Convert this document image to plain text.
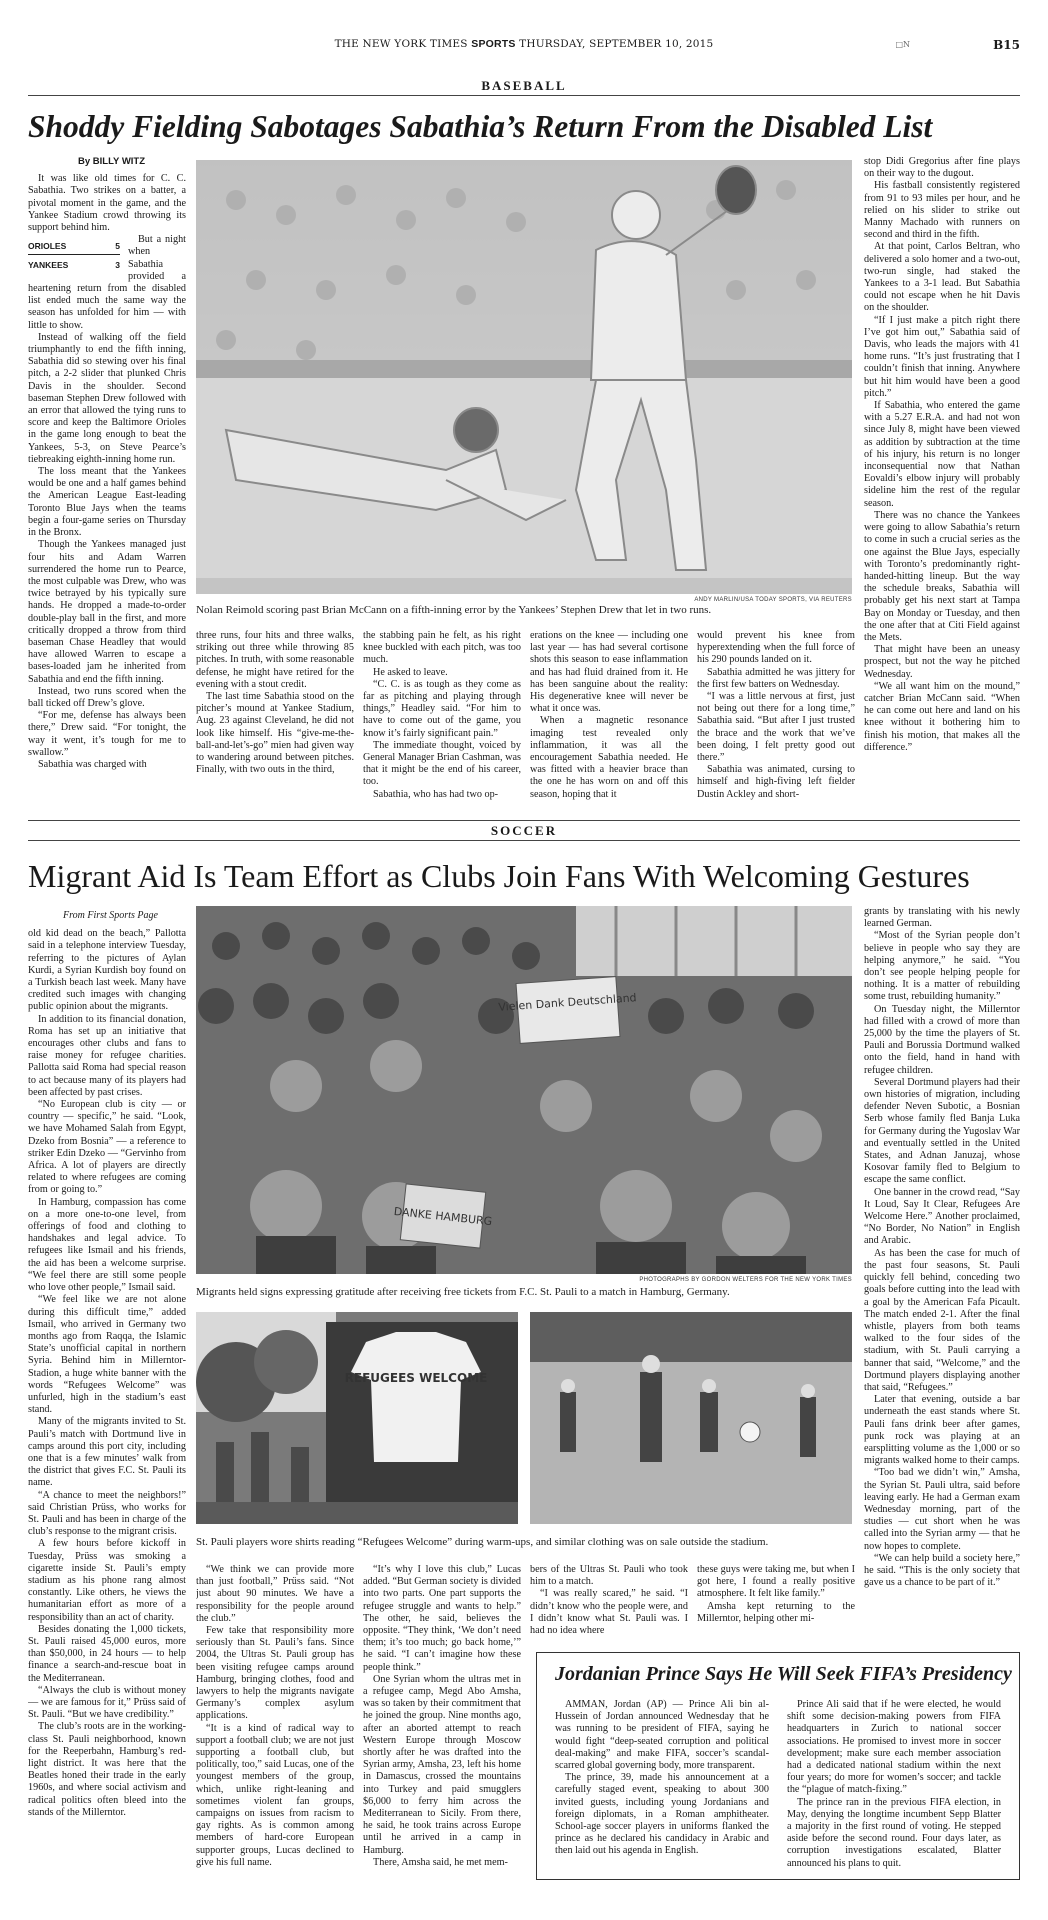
THE NEW YORK TIMES SPORTS THURSDAY, SEPTEMBER 10, 2015	□N	B15
BASEBALL
Shoddy Fielding Sabotages Sabathia’s Return From the Disabled List

By BILLY WITZ

It was like old times for C. C. Sabathia. Two strikes on a batter, a pivotal moment in the game, and the Yankee Stadium crowd throwing its support behind him.

ORIOLES	5
YANKEES	3

But a night when Sabathia provided a heartening return from the disabled list ended much the same way the season has unfolded for him — with little to show.

Instead of walking off the field triumphantly to end the fifth inning, Sabathia did so stewing over his final pitch, a 2-2 slider that plunked Chris Davis in the shoulder. Second baseman Stephen Drew followed with an error that allowed the tying runs to score and keep the Baltimore Orioles in the game long enough to beat the Yankees, 5-3, on Steve Pearce’s tiebreaking eighth-inning home run.

The loss meant that the Yankees would be one and a half games behind the American League East-leading Toronto Blue Jays when the teams begin a four-game series on Thursday in the Bronx.

Though the Yankees managed just four hits and Adam Warren surrendered the home run to Pearce, the most culpable was Drew, who was twice betrayed by his typically sure hands. He dropped a made-to-order double-play ball in the first, and more critically dropped a throw from third baseman Chase Headley that would have allowed Warren to escape a bases-loaded jam he inherited from Sabathia and end the fifth inning.

Instead, two runs scored when the ball ticked off Drew’s glove.

“For me, defense has always been there,” Drew said. “For tonight, the way it went, it’s tough for me to swallow.”

Sabathia was charged with

ANDY MARLIN/USA TODAY SPORTS, VIA REUTERS
Nolan Reimold scoring past Brian McCann on a fifth-inning error by the Yankees’ Stephen Drew that let in two runs.

three runs, four hits and three walks, striking out three while throwing 85 pitches. In truth, with some reasonable defense, he might have retired for the evening with a stout credit.

The last time Sabathia stood on the pitcher’s mound at Yankee Stadium, Aug. 23 against Cleveland, he did not look like himself. His “give-me-the-ball-and-let’s-go” mien had given way to wandering around between pitches. Finally, with two outs in the third,

the stabbing pain he felt, as his right knee buckled with each pitch, was too much.

He asked to leave.

“C. C. is as tough as they come as far as pitching and playing through things,” Headley said. “For him to have to come out of the game, you know it’s fairly significant pain.”

The immediate thought, voiced by General Manager Brian Cashman, was that it might be the end of his career, too.

Sabathia, who has had two op-

erations on the knee — including one last year — has had several cortisone shots this season to ease inflammation and has had fluid drained from it. He has been sanguine about the reality: His degenerative knee will never be what it once was.

When a magnetic resonance imaging test revealed only inflammation, it was all the encouragement Sabathia needed. He was fitted with a heavier brace than the one he has worn on and off this season, hoping that it

would prevent his knee from hyperextending when the full force of his 290 pounds landed on it.

Sabathia admitted he was jittery for the first few batters on Wednesday.

“I was a little nervous at first, just not being out there for a long time,” Sabathia said. “But after I just trusted the brace and the work that we’ve been doing, I felt pretty good out there.”

Sabathia was animated, cursing to himself and high-fiving left fielder Dustin Ackley and short-

stop Didi Gregorius after fine plays on their way to the dugout.

His fastball consistently registered from 91 to 93 miles per hour, and he relied on his slider to strike out Manny Machado with runners on second and third in the fifth.

At that point, Carlos Beltran, who delivered a solo homer and a two-out, two-run single, had staked the Yankees to a 3-1 lead. But Sabathia could not escape when he hit Davis on the shoulder.

“If I just make a pitch right there I’ve got him out,” Sabathia said of Davis, who leads the majors with 41 home runs. “It’s just frustrating that I couldn’t finish that inning. Anywhere but hit him would have been a good pitch.”

If Sabathia, who entered the game with a 5.27 E.R.A. and had not won since July 8, might have been viewed as addition by subtraction at the time of his injury, his return is no longer inconsequential now that Nathan Eovaldi’s elbow injury will probably sideline him the rest of the regular season.

There was no chance the Yankees were going to allow Sabathia’s return to come in such a crucial series as the one against the Blue Jays, especially with Toronto’s predominantly right-handed-hitting lineup. But the way the schedule breaks, Sabathia will probably get his next start at Tampa Bay on Monday or Tuesday, and then the one after that at Citi Field against the Mets.

That might have been an uneasy prospect, but not the way he pitched Wednesday.

“We all want him on the mound,” catcher Brian McCann said. “When he can come out here and land on his knee without it bothering him to finish his motion, that makes all the difference.”

SOCCER
Migrant Aid Is Team Effort as Clubs Join Fans With Welcoming Gestures

From First Sports Page

old kid dead on the beach,” Pallotta said in a telephone interview Tuesday, referring to the pictures of Aylan Kurdi, a Syrian Kurdish boy found on a Turkish beach last week. Many have credited such images with changing public opinion about the migrants.

In addition to its financial donation, Roma has set up an initiative that encourages other clubs and fans to raise money for refugee charities. Pallotta said Roma had special reason to act because many of its players had been affected by past crises.

“No European club is city — or country — specific,” he said. “Look, we have Mohamed Salah from Egypt, Dzeko from Bosnia” — a reference to striker Edin Dzeko — “Gervinho from Africa. A lot of players are directly related to where refugees are coming from or going to.”

In Hamburg, compassion has come on a more one-to-one level, from offerings of food and clothing to handshakes and legal advice. To refugees like Ismail and his friends, the aid has been a welcome surprise. “We feel there are still some people who love other people,” Ismail said.

“We feel like we are not alone during this difficult time,” added Ismail, who arrived in Germany two months ago from Raqqa, the Islamic State’s unofficial capital in northern Syria. Behind him in Millerntor-Stadion, a huge white banner with the words “Refugees Welcome” was unfurled, high in the stadium’s east stand.

Many of the migrants invited to St. Pauli’s match with Dortmund live in camps around this port city, including one that is a few minutes’ walk from the district that gives F.C. St. Pauli its name.

“A chance to meet the neighbors!” said Christian Prüss, who works for St. Pauli and has been in charge of the club’s response to the migrant crisis.

A few hours before kickoff in Tuesday, Prüss was smoking a cigarette inside St. Pauli’s empty stadium as his phone rang almost constantly. Like others, he views the humanitarian effort as more of a responsibility than an act of charity.

Besides donating the 1,000 tickets, St. Pauli raised 45,000 euros, more than $50,000, in 24 hours — to help finance a search-and-rescue boat in the Mediterranean.

“Always the club is without money — we are famous for it,” Prüss said of St. Pauli. “But we have credibility.”

The club’s roots are in the working-class St. Pauli neighborhood, known for the Reeperbahn, Hamburg’s red-light district. It was here that the Beatles honed their trade in the early 1960s, and where social activism and radical politics often bleed into the stands of the Millerntor.

Vielen Dank Deutschland
DANKE HAMBURG
PHOTOGRAPHS BY GORDON WELTERS FOR THE NEW YORK TIMES
Migrants held signs expressing gratitude after receiving free tickets from F.C. St. Pauli to a match in Hamburg, Germany.
REFUGEES WELCOME
St. Pauli players wore shirts reading “Refugees Welcome” during warm-ups, and similar clothing was on sale outside the stadium.

“We think we can provide more than just football,” Prüss said. “Not just about 90 minutes. We have a responsibility for the people around the club.”

Few take that responsibility more seriously than St. Pauli’s fans. Since 2004, the Ultras St. Pauli group has been visiting refugee camps around Hamburg, bringing clothes, food and lawyers to help the migrants navigate Germany’s complex asylum applications.

“It is a kind of radical way to support a football club; we are not just supporting a football club, but politically, too,” said Lucas, one of the youngest members of the group, which, unlike right-leaning and sometimes violent fan groups, campaigns on issues from racism to gay rights. As is common among members of hard-core European supporter groups, Lucas declined to give his full name.

“It’s why I love this club,” Lucas added. “But German society is divided into two parts. One part supports the refugee struggle and wants to help.” The other, he said, believes the opposite. “They think, ‘We don’t need them; it’s too much; go back home,’” he said. “I can’t imagine how these people think.”

One Syrian whom the ultras met in a refugee camp, Megd Abo Amsha, was so taken by their commitment that he joined the group. Nine months ago, after an aborted attempt to reach Western Europe through Moscow shortly after he was drafted into the Syrian army, Amsha, 23, left his home in Damascus, crossed the mountains into Turkey and paid smugglers $6,000 to ferry him across the Mediterranean to Sicily. From there, he said, he took trains across Europe until he arrived in a camp in Hamburg.

There, Amsha said, he met mem-

bers of the Ultras St. Pauli who took him to a match.

“I was really scared,” he said. “I didn’t know who the people were, and I didn’t know what St. Pauli was. I had no idea where

these guys were taking me, but when I got here, I found a really positive atmosphere. It felt like family.”

Amsha kept returning to the Millerntor, helping other mi-

grants by translating with his newly learned German.

“Most of the Syrian people don’t believe in people who say they are helping anymore,” he said. “You don’t see people helping people for nothing. It is a matter of rebuilding some trust, rebuilding humanity.”

On Tuesday night, the Millerntor had filled with a crowd of more than 25,000 by the time the players of St. Pauli and Borussia Dortmund walked onto the field, hand in hand with refugee children.

Several Dortmund players had their own histories of migration, including defender Neven Subotic, a Bosnian Serb whose family fled Banja Luka for Germany during the Yugoslav War and eventually settled in the United States, and Adnan Januzaj, whose Kosovar family fled to Belgium to escape the same conflict.

One banner in the crowd read, “Say It Loud, Say It Clear, Refugees Are Welcome Here.” Another proclaimed, “No Border, No Nation” in English and Arabic.

As has been the case for much of the past four seasons, St. Pauli quickly fell behind, conceding two goals before cutting into the lead with a goal by the American Fafa Picault. The match ended 2-1. After the final whistle, players from both teams walked to the four sides of the stadium, with St. Pauli carrying a banner that said, “Welcome,” and the Dortmund players displaying another that said, “Refugees.”

Later that evening, outside a bar underneath the east stands where St. Pauli fans drink beer after games, punk rock was playing at an earsplitting volume as the 1,000 or so migrants walked home to their camps.

“Too bad we didn’t win,” Amsha, the Syrian St. Pauli ultra, said before leaving early. He had a German exam Wednesday morning, part of the studies — cut short when he was called into the Syrian army — that he now hopes to complete.

“We can help build a society here,” he said. “This is the only society that gave us a chance to be part of it.”

Jordanian Prince Says He Will Seek FIFA’s Presidency

AMMAN, Jordan (AP) — Prince Ali bin al-Hussein of Jordan announced Wednesday that he was running to be president of FIFA, saying he would fight “deep-seated corruption and political deal-making” and make FIFA, soccer’s scandal-scarred global governing body, more transparent.

The prince, 39, made his announcement at a carefully staged event, speaking to about 300 invited guests, including young Jordanians and foreign diplomats, in a Roman amphitheater. School-age soccer players in uniforms flanked the prince as he declared his candidacy in Arabic and then laid out his agenda in English.

Prince Ali said that if he were elected, he would shift some decision-making powers from FIFA headquarters in Zurich to national soccer associations. He promised to invest more in soccer development; make sure each member association had a dedicated national stadium within the next four years; do more for women’s soccer; and tackle the “plague of match-fixing.”

The prince ran in the previous FIFA election, in May, denying the longtime incumbent Sepp Blatter a majority in the first round of voting. He stepped aside before the second round. Four days later, as corruption investigations escalated, Blatter announced his plans to quit.
